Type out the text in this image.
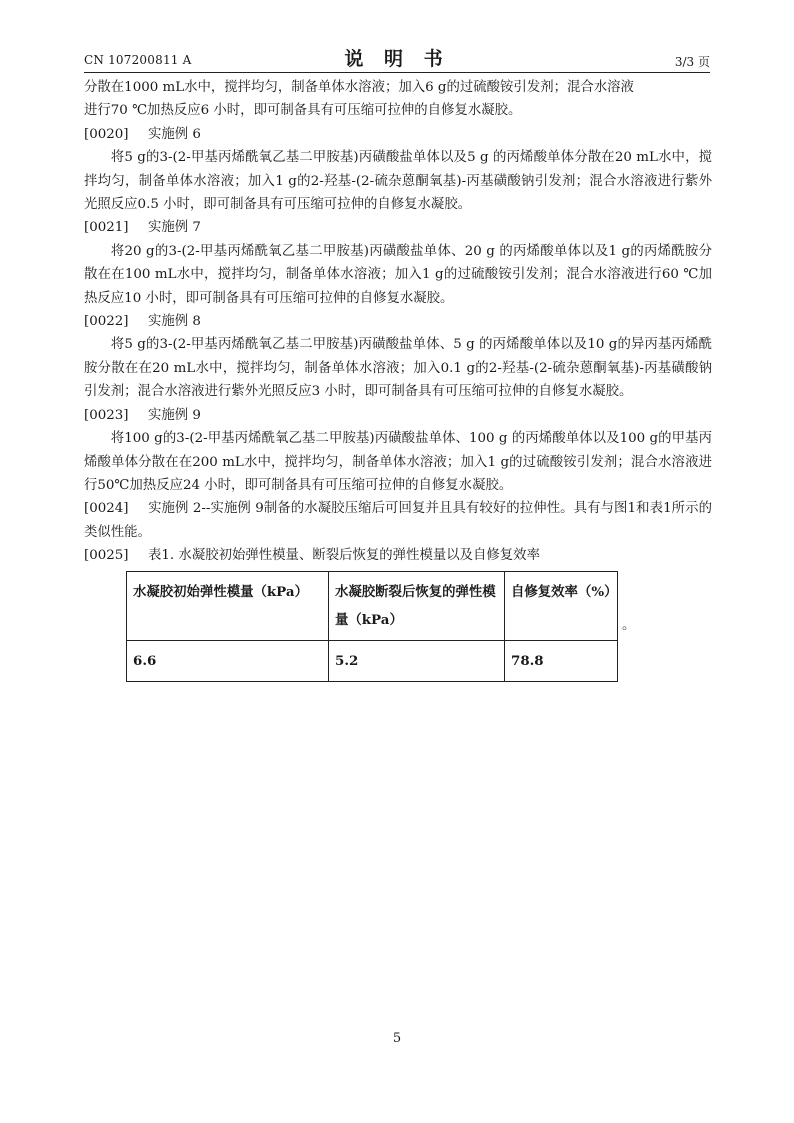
CN 107200811 A	说 明 书	3/3 页

分散在1000 mL水中，搅拌均匀，制备单体水溶液；加入6 g的过硫酸铵引发剂；混合水溶液

进行70 ℃加热反应6 小时，即可制备具有可压缩可拉伸的自修复水凝胶。

[0020] 实施例 6

将5 g的3-(2-甲基丙烯酰氧乙基二甲胺基)丙磺酸盐单体以及5 g 的丙烯酸单体分散在20 mL水中，搅拌均匀，制备单体水溶液；加入1 g的2-羟基-(2-硫杂蒽酮氧基)-丙基磺酸钠引发剂；混合水溶液进行紫外光照反应0.5 小时，即可制备具有可压缩可拉伸的自修复水凝胶。

[0021] 实施例 7

将20 g的3-(2-甲基丙烯酰氧乙基二甲胺基)丙磺酸盐单体、20 g 的丙烯酸单体以及1 g的丙烯酰胺分散在在100 mL水中，搅拌均匀，制备单体水溶液；加入1 g的过硫酸铵引发剂；混合水溶液进行60 ℃加热反应10 小时，即可制备具有可压缩可拉伸的自修复水凝胶。

[0022] 实施例 8

将5 g的3-(2-甲基丙烯酰氧乙基二甲胺基)丙磺酸盐单体、5 g 的丙烯酸单体以及10 g的异丙基丙烯酰胺分散在在20 mL水中，搅拌均匀，制备单体水溶液；加入0.1 g的2-羟基-(2-硫杂蒽酮氧基)-丙基磺酸钠引发剂；混合水溶液进行紫外光照反应3 小时，即可制备具有可压缩可拉伸的自修复水凝胶。

[0023] 实施例 9

将100 g的3-(2-甲基丙烯酰氧乙基二甲胺基)丙磺酸盐单体、100 g 的丙烯酸单体以及100 g的甲基丙烯酸单体分散在在200 mL水中，搅拌均匀，制备单体水溶液；加入1 g的过硫酸铵引发剂；混合水溶液进行50℃加热反应24 小时，即可制备具有可压缩可拉伸的自修复水凝胶。

[0024] 实施例 2--实施例 9制备的水凝胶压缩后可回复并且具有较好的拉伸性。具有与图1和表1所示的类似性能。

[0025] 表1. 水凝胶初始弹性模量、断裂后恢复的弹性模量以及自修复效率

水凝胶初始弹性模量（kPa）	水凝胶断裂后恢复的弹性模量（kPa）	自修复效率（%）	。
6.6	5.2	78.8	
5
